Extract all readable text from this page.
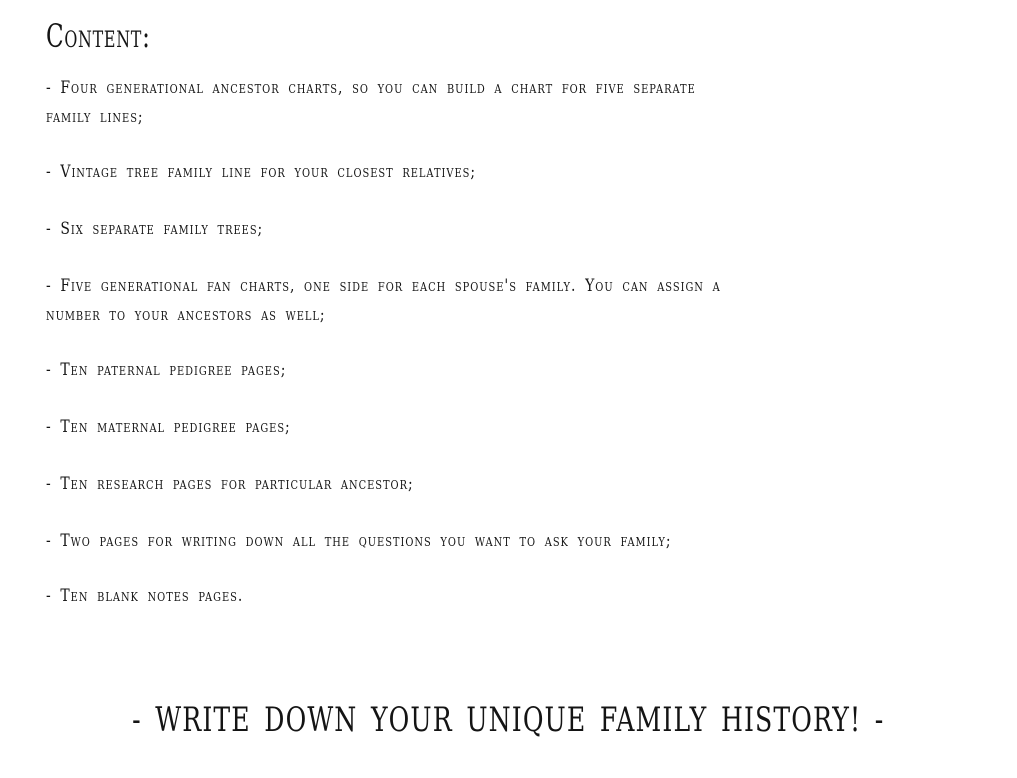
Content:
- Four generational ancestor charts, so you can build a chart for five separate family lines;
- Vintage tree family line for your closest relatives;
- Six separate family trees;
- Five generational fan charts, one side for each spouse's family. You can assign a number to your ancestors as well;
- Ten paternal pedigree pages;
- Ten maternal pedigree pages;
- Ten research pages for particular ancestor;
- Two pages for writing down all the questions you want to ask your family;
- Ten blank notes pages.
- WRITE DOWN YOUR UNIQUE FAMILY HISTORY! -
